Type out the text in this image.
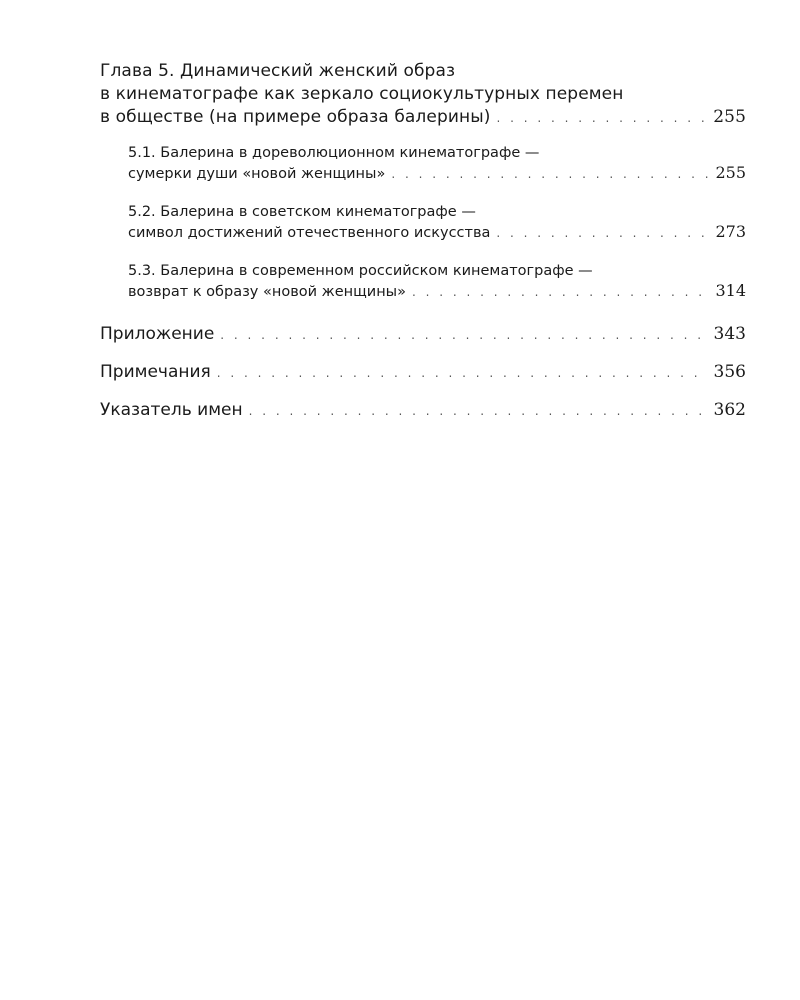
Глава 5. Динамический женский образ
в кинематографе как зеркало социокультурных перемен
в обществе (на примере образа балерины) . . .	255
5.1. Балерина в дореволюционном кинематографе —
сумерки души «новой женщины» . . .	255
5.2. Балерина в советском кинематографе —
символ достижений отечественного искусства . . .	273
5.3. Балерина в современном российском кинематографе —
возврат к образу «новой женщины» . . .	314
Приложение . . .	343
Примечания . . .	356
Указатель имен . . .	362
